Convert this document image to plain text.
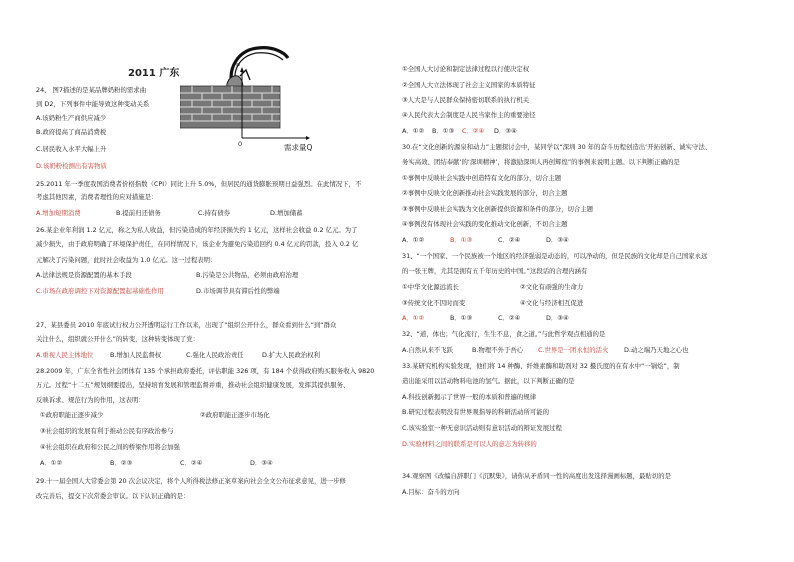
2011 广东
0	需求量Q
P
24、 图7描述的是某品牌奶粉的需求曲
到 D2，下列事件中能导致这种变动关系
A.该奶粉生产商供应减少
B.政府提高了商品消费税
C.居民收入水平大幅上升
D.该奶粉检测出有害物质
25.2011 年一季度我国消费者价格指数（CPI）同比上升 5.0%，但居民的通货膨胀预期日益强烈。在此情况下，不
考虑其他因素，消费者理性的应对措施是：
A.增加短期消费	B.提前归还债务	C.持有债券	D.增加储蓄
26.某企业年利润 1.2 亿元，称之为私人收益，但污染造成的年经济损失约 1 亿元，这样社会收益 0.2 亿元。为了
减少损失，由于政府明确了环境保护责任，在同样情况下，该企业为避免污染追回约 0.4 亿元的罚款，投入 0.2 亿
元解决了污染问题，此时社会收益为 1.0 亿元。这一过程表明：
A.法律法规是资源配置的基本手段	B.污染是公共物品，必须由政府治理
C.市场在政府调控下对资源配置起基础性作用	D.市场调节具有滞后性的弊端
27、某县委员 2010 年底试行权力公开透明运行工作以来，出现了“组织公开什么，群众看到什么”到“群众
关注什么，组织就公开什么”的转变，这种转变体现了党：
A.重视人民主体地位	B.增加人民监督权	C.强化人民政治责任	D.扩大人民政治权利
28.2009 年，广东全省性社会团体有 135 个承担政府委托，评估职能 326 项，有 184 个获得政府购买服务收入 9820
万元。过程“十二五”规划纲要提出，坚持培育发展和管理监督并重，推动社会组织健康发展，发挥其提供服务、
反映诉求、规范行为的作用，这表明：
①政府职能正逐步减少	②政府职能正逐步市场化
③社会组织的发展有利于推动公民有序政治参与
④社会组织在政府和公民之间的桥梁作用将会加强
A．①②	B．②③	C．②④	D．③④
29.十一届全国人大常委会第 20 次会议决定，将个人所得税法修正案草案向社会全文公布征求意见，进一步修
改完善后，提交下次常委会审议。以下认识正确的是：
①全国人大讨论和制定法律过程以行使决定权
②全国人大立法体现了社会主义国家的本质特征
③人大是与人民群众保持密切联系的执行机关
④人民代表大会制度是人民当家作主的重要途径
A．①② B．①③ C．②④ D．③④
30.在“文化创新的源泉和动力”主题探讨会中，某同学以“深圳 30 年的奋斗历程创造出‘开拓创新、诚实守法、
务实高效、团结奉献’的‘深圳精神’，将激励深圳人再创辉煌”的事例来说明主题。以下判断正确的是
①事例中反映社会实践中创造特有文化的部分，切合主题
②事例中反映文化创新推动社会实践发展的部分，切合主题
③事例中反映社会实践为文化创新提供资源和条件的部分，切合主题
④事例没有体现社会实践的变化推动文化创新，不切合主题
A．①②	B．①③	C．②④	D．③④
31、“一个国家、一个民族被一个地区的经济强弱是动态的，可以净动的，但是民族的文化却是自己国家永远
的一张王牌，尤其是拥有五千年历史的中国。”这段话的合理内涵有
①中华文化源远流长	②文化有顽强的生命力
③传统文化不因时而变	④文化与经济相互促进
A．①②	B．①③	C．②④	D．③④
32、“道，体也；气化流行，生生不息，食之道。”与此哲学观点相通的是
A.自然从来不飞跃	B.物理不外于吾心 C.世界是一团永恒的活火 D.动之端乃天地之心也
33.某研究机构实验发现，他们将 14 种酶、纤维素酶和助剂对 32 摄氏度的在有水中“一锅烩”，制
造出能采用以活动物料电池的氢气。据此，以下判断正确的是
A.科技创新揭示了世界一般的本质和普遍的规律
B.研究过程表明没有世界观指导的科研活动所可能的
C.该实验室一种无意识活动则有意识活动的辩证发展过程
D.实验材料之间的联系是可以人的意志为转移的
34.观察图《改编自辞职门《沉默集》，请你从矛盾同一性的高度出发选择漫画标题，最贴切的是
A.目标：奋斗的方向
